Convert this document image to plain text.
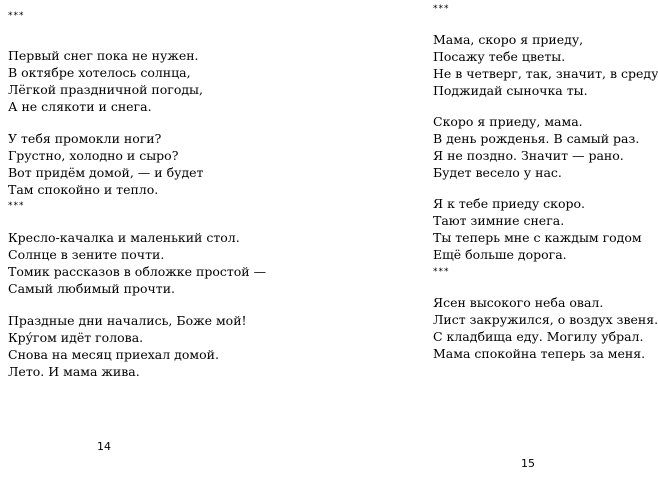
***
Первый снег пока не нужен.
В октябре хотелось солнца,
Лёгкой праздничной погоды,
А не слякоти и снега.
У тебя промокли ноги?
Грустно, холодно и сыро?
Вот придём домой, — и будет
Там спокойно и тепло.
***
Кресло-качалка и маленький стол.
Солнце в зените почти.
Томик рассказов в обложке простой —
Самый любимый прочти.
Праздные дни начались, Боже мой!
Кру́гом идёт голова.
Снова на месяц приехал домой.
Лето. И мама жива.
14
***
Мама, скоро я приеду,
Посажу тебе цветы.
Не в четверг, так, значит, в среду
Поджидай сыночка ты.
Скоро я приеду, мама.
В день рожденья. В самый раз.
Я не поздно. Значит — рано.
Будет весело у нас.
Я к тебе приеду скоро.
Тают зимние снега.
Ты теперь мне с каждым годом
Ещё больше дорога.
***
Ясен высокого неба овал.
Лист закружился, о воздух звеня.
С кладбища еду. Могилу убрал.
Мама спокойна теперь за меня.
15
